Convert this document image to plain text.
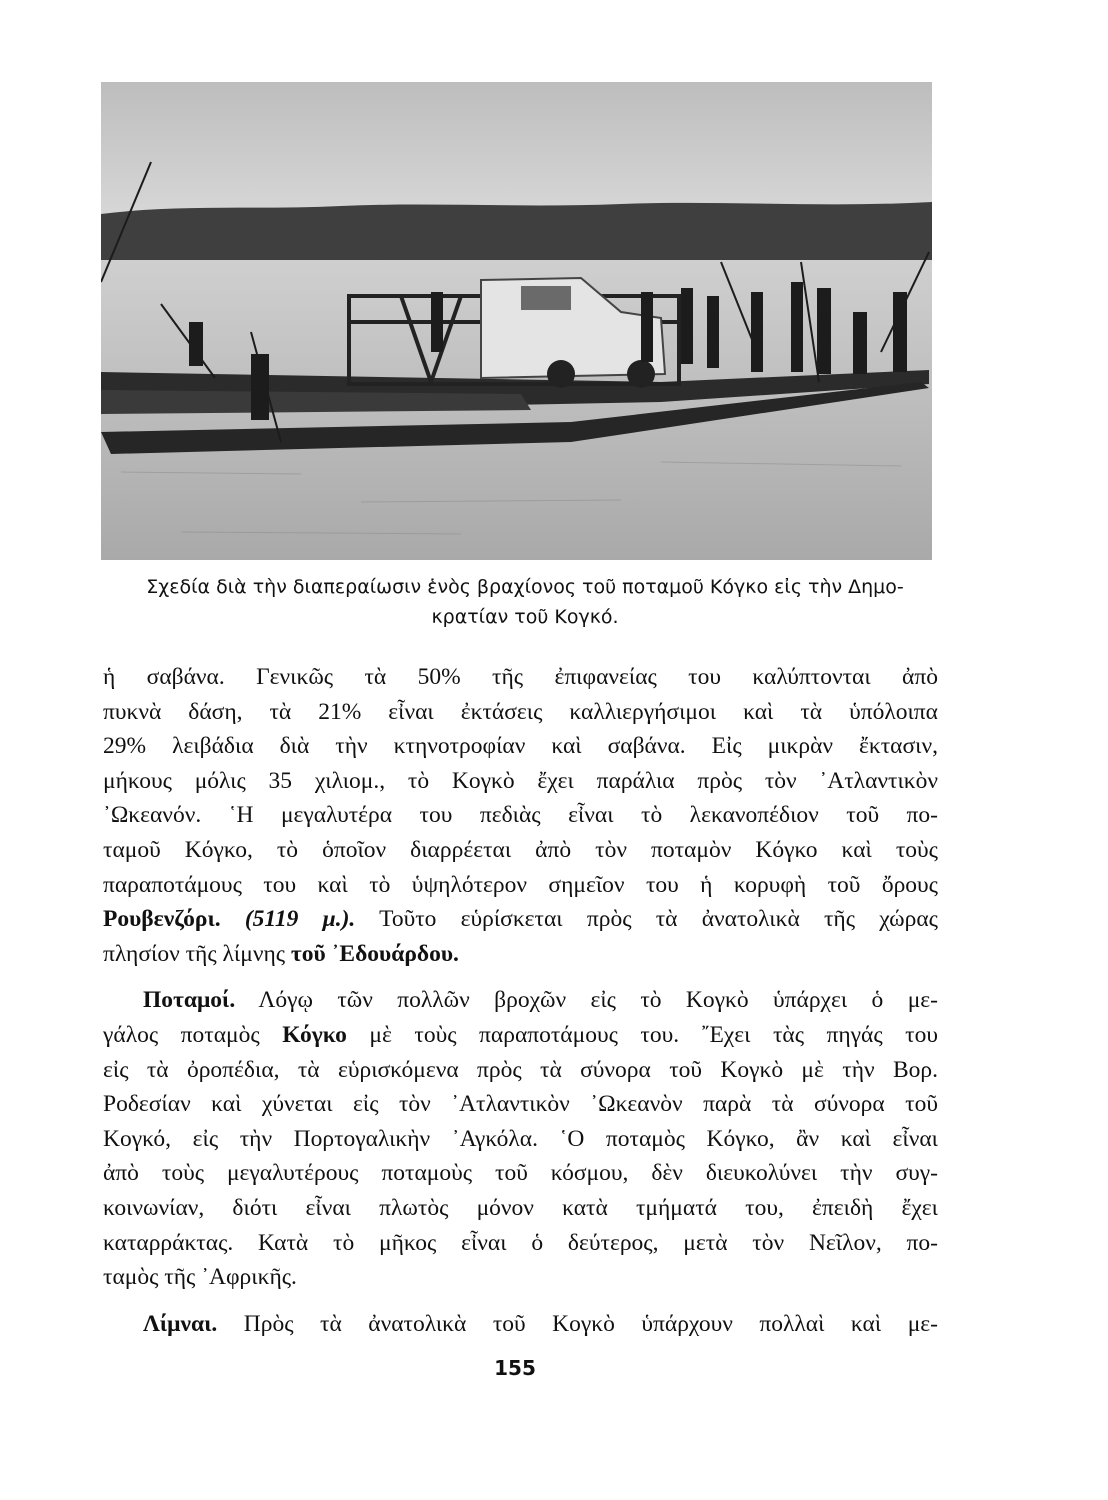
Σχεδία διὰ τὴν διαπεραίωσιν ἑνὸς βραχίονος τοῦ ποταμοῦ Κόγκο εἰς τὴν Δημο-
κρατίαν τοῦ Κογκό.
ἡ σαβάνα. Γενικῶς τὰ 50% τῆς ἐπιφανείας του καλύπτονται ἀπὸ
πυκνὰ δάση, τὰ 21% εἶναι ἐκτάσεις καλλιεργήσιμοι καὶ τὰ ὑπόλοιπα
29% λειβάδια διὰ τὴν κτηνοτροφίαν καὶ σαβάνα. Εἰς μικρὰν ἔκτασιν,
μήκους μόλις 35 χιλιομ., τὸ Κογκὸ ἔχει παράλια πρὸς τὸν ᾿Ατλαντικὸν
᾿Ωκεανόν. ῾Η μεγαλυτέρα του πεδιὰς εἶναι τὸ λεκανοπέδιον τοῦ πο-
ταμοῦ Κόγκο, τὸ ὁποῖον διαρρέεται ἀπὸ τὸν ποταμὸν Κόγκο καὶ τοὺς
παραποτάμους του καὶ τὸ ὑψηλότερον σημεῖον του ἡ κορυφὴ τοῦ ὄρους
Ρουβενζόρι. (5119 μ.). Τοῦτο εὑρίσκεται πρὸς τὰ ἀνατολικὰ τῆς χώρας
πλησίον τῆς λίμνης τοῦ ᾿Εδουάρδου.
Ποταμοί. Λόγῳ τῶν πολλῶν βροχῶν εἰς τὸ Κογκὸ ὑπάρχει ὁ με-
γάλος ποταμὸς Κόγκο μὲ τοὺς παραποτάμους του. ῎Εχει τὰς πηγάς του
εἰς τὰ ὀροπέδια, τὰ εὑρισκόμενα πρὸς τὰ σύνορα τοῦ Κογκὸ μὲ τὴν Βορ.
Ροδεσίαν καὶ χύνεται εἰς τὸν ᾿Ατλαντικὸν ᾿Ωκεανὸν παρὰ τὰ σύνορα τοῦ
Κογκό, εἰς τὴν Πορτογαλικὴν ᾿Αγκόλα. ῾Ο ποταμὸς Κόγκο, ἂν καὶ εἶναι
ἀπὸ τοὺς μεγαλυτέρους ποταμοὺς τοῦ κόσμου, δὲν διευκολύνει τὴν συγ-
κοινωνίαν, διότι εἶναι πλωτὸς μόνον κατὰ τμήματά του, ἐπειδὴ ἔχει
καταρράκτας. Κατὰ τὸ μῆκος εἶναι ὁ δεύτερος, μετὰ τὸν Νεῖλον, πο-
ταμὸς τῆς ᾿Αφρικῆς.
Λίμναι. Πρὸς τὰ ἀνατολικὰ τοῦ Κογκὸ ὑπάρχουν πολλαὶ καὶ με-
155
